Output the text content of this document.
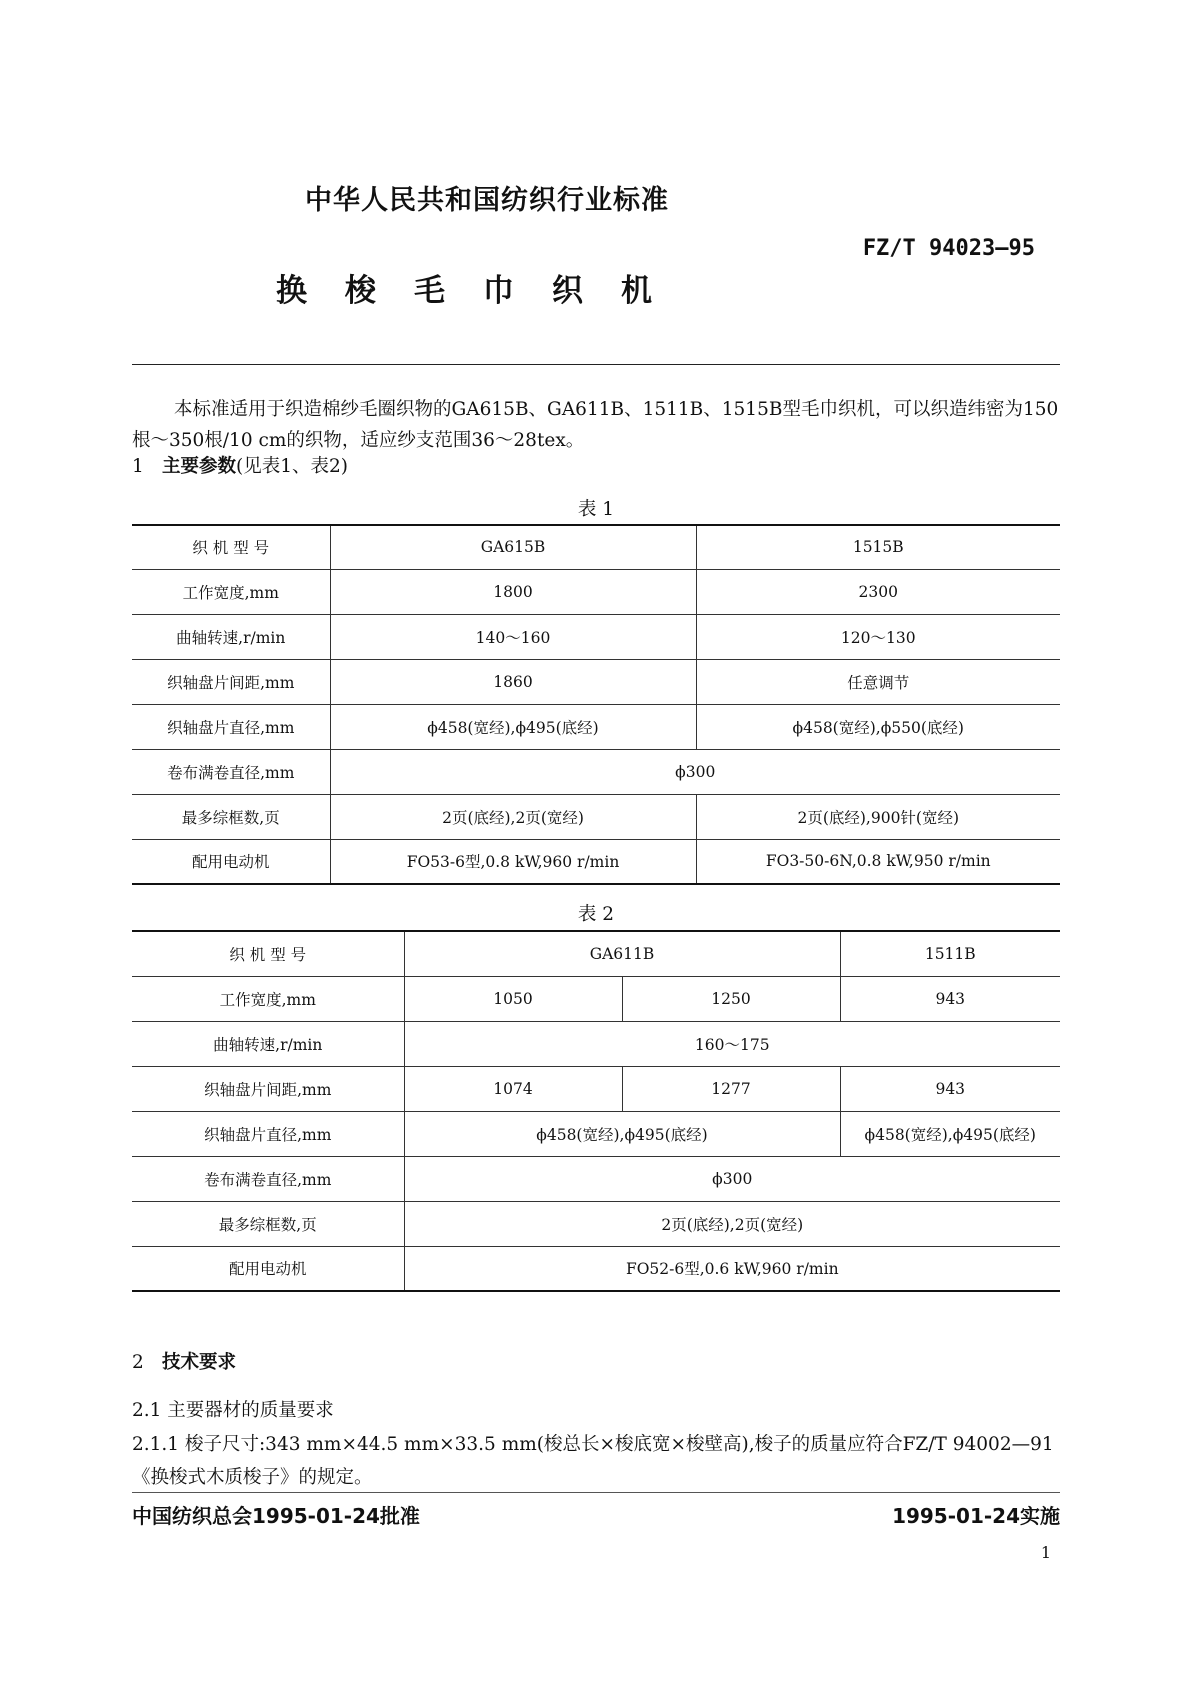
中华人民共和国纺织行业标准
FZ/T 94023—95
换梭毛巾织机
本标准适用于织造棉纱毛圈织物的GA615B、GA611B、1511B、1515B型毛巾织机，可以织造纬密为150根～350根/10 cm的织物，适应纱支范围36～28tex。
1 主要参数(见表1、表2)
表 1
织 机 型 号	GA615B	1515B
工作宽度,mm	1800	2300
曲轴转速,r/min	140～160	120～130
织轴盘片间距,mm	1860	任意调节
织轴盘片直径,mm	ϕ458(宽经),ϕ495(底经)	ϕ458(宽经),ϕ550(底经)
卷布满卷直径,mm	ϕ300	
最多综框数,页	2页(底经),2页(宽经)	2页(底经),900针(宽经)
配用电动机	FO53-6型,0.8 kW,960 r/min	FO3-50-6N,0.8 kW,950 r/min
表 2
织 机 型 号	GA611B		1511B
工作宽度,mm	1050	1250	943
曲轴转速,r/min	160～175		
织轴盘片间距,mm	1074	1277	943
织轴盘片直径,mm	ϕ458(宽经),ϕ495(底经)		ϕ458(宽经),ϕ495(底经)
卷布满卷直径,mm	ϕ300		
最多综框数,页	2页(底经),2页(宽经)		
配用电动机	FO52-6型,0.6 kW,960 r/min		
2 技术要求
2.1 主要器材的质量要求
2.1.1 梭子尺寸:343 mm×44.5 mm×33.5 mm(梭总长×梭底宽×梭壁高),梭子的质量应符合FZ/T 94002—91《换梭式木质梭子》的规定。
中国纺织总会1995-01-24批准	1995-01-24实施
1
